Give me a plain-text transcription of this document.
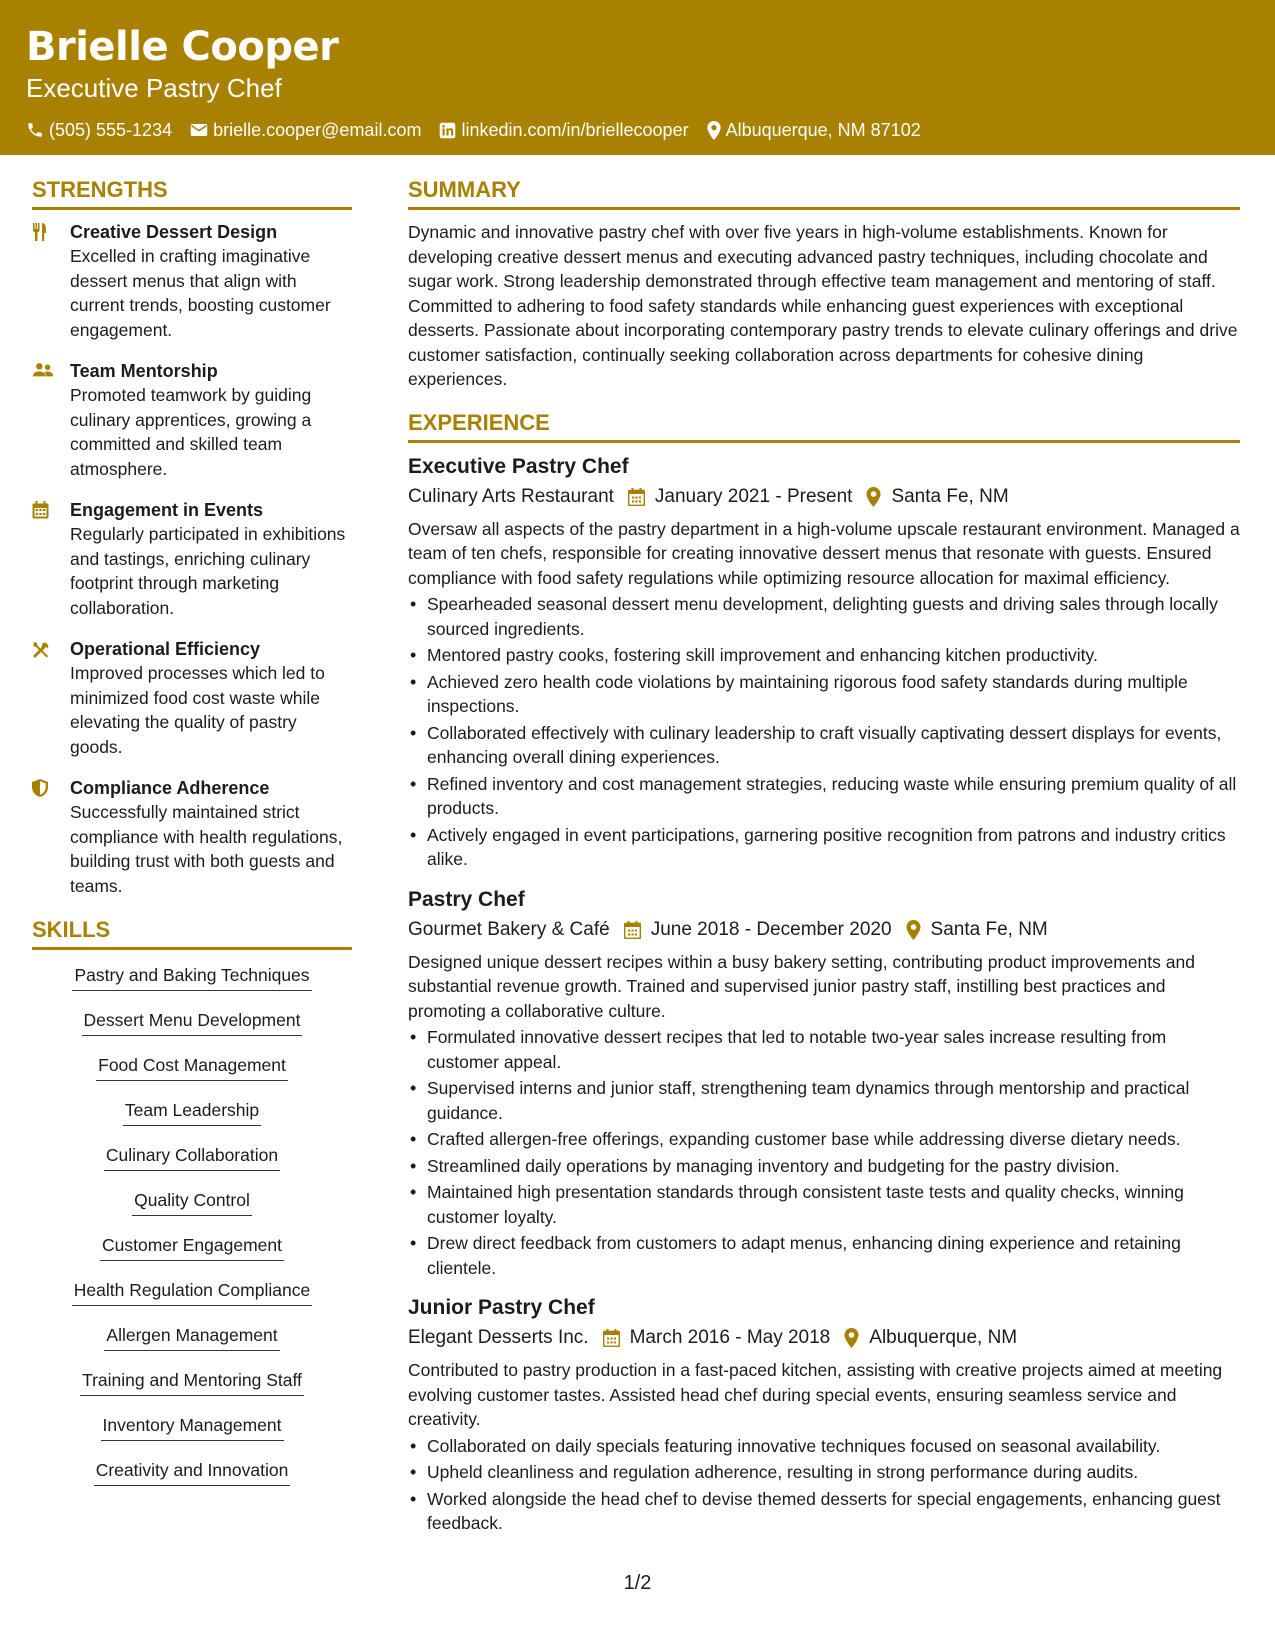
Brielle Cooper
Executive Pastry Chef
(505) 555-1234 brielle.cooper@email.com linkedin.com/in/briellecooper Albuquerque, NM 87102
STRENGTHS
Creative Dessert Design
Excelled in crafting imaginative dessert menus that align with current trends, boosting customer engagement.
Team Mentorship
Promoted teamwork by guiding culinary apprentices, growing a committed and skilled team atmosphere.
Engagement in Events
Regularly participated in exhibitions and tastings, enriching culinary footprint through marketing collaboration.
Operational Efficiency
Improved processes which led to minimized food cost waste while elevating the quality of pastry goods.
Compliance Adherence
Successfully maintained strict compliance with health regulations, building trust with both guests and teams.
SKILLS
Pastry and Baking Techniques
Dessert Menu Development
Food Cost Management
Team Leadership
Culinary Collaboration
Quality Control
Customer Engagement
Health Regulation Compliance
Allergen Management
Training and Mentoring Staff
Inventory Management
Creativity and Innovation
SUMMARY
Dynamic and innovative pastry chef with over five years in high-volume establishments. Known for developing creative dessert menus and executing advanced pastry techniques, including chocolate and sugar work. Strong leadership demonstrated through effective team management and mentoring of staff. Committed to adhering to food safety standards while enhancing guest experiences with exceptional desserts. Passionate about incorporating contemporary pastry trends to elevate culinary offerings and drive customer satisfaction, continually seeking collaboration across departments for cohesive dining experiences.
EXPERIENCE
Executive Pastry Chef
Culinary Arts Restaurant January 2021 - Present Santa Fe, NM
Oversaw all aspects of the pastry department in a high-volume upscale restaurant environment. Managed a team of ten chefs, responsible for creating innovative dessert menus that resonate with guests. Ensured compliance with food safety regulations while optimizing resource allocation for maximal efficiency.
• Spearheaded seasonal dessert menu development, delighting guests and driving sales through locally sourced ingredients.
• Mentored pastry cooks, fostering skill improvement and enhancing kitchen productivity.
• Achieved zero health code violations by maintaining rigorous food safety standards during multiple inspections.
• Collaborated effectively with culinary leadership to craft visually captivating dessert displays for events, enhancing overall dining experiences.
• Refined inventory and cost management strategies, reducing waste while ensuring premium quality of all products.
• Actively engaged in event participations, garnering positive recognition from patrons and industry critics alike.
Pastry Chef
Gourmet Bakery & Café June 2018 - December 2020 Santa Fe, NM
Designed unique dessert recipes within a busy bakery setting, contributing product improvements and substantial revenue growth. Trained and supervised junior pastry staff, instilling best practices and promoting a collaborative culture.
• Formulated innovative dessert recipes that led to notable two-year sales increase resulting from customer appeal.
• Supervised interns and junior staff, strengthening team dynamics through mentorship and practical guidance.
• Crafted allergen-free offerings, expanding customer base while addressing diverse dietary needs.
• Streamlined daily operations by managing inventory and budgeting for the pastry division.
• Maintained high presentation standards through consistent taste tests and quality checks, winning customer loyalty.
• Drew direct feedback from customers to adapt menus, enhancing dining experience and retaining clientele.
Junior Pastry Chef
Elegant Desserts Inc. March 2016 - May 2018 Albuquerque, NM
Contributed to pastry production in a fast-paced kitchen, assisting with creative projects aimed at meeting evolving customer tastes. Assisted head chef during special events, ensuring seamless service and creativity.
• Collaborated on daily specials featuring innovative techniques focused on seasonal availability.
• Upheld cleanliness and regulation adherence, resulting in strong performance during audits.
• Worked alongside the head chef to devise themed desserts for special engagements, enhancing guest feedback.
1/2
